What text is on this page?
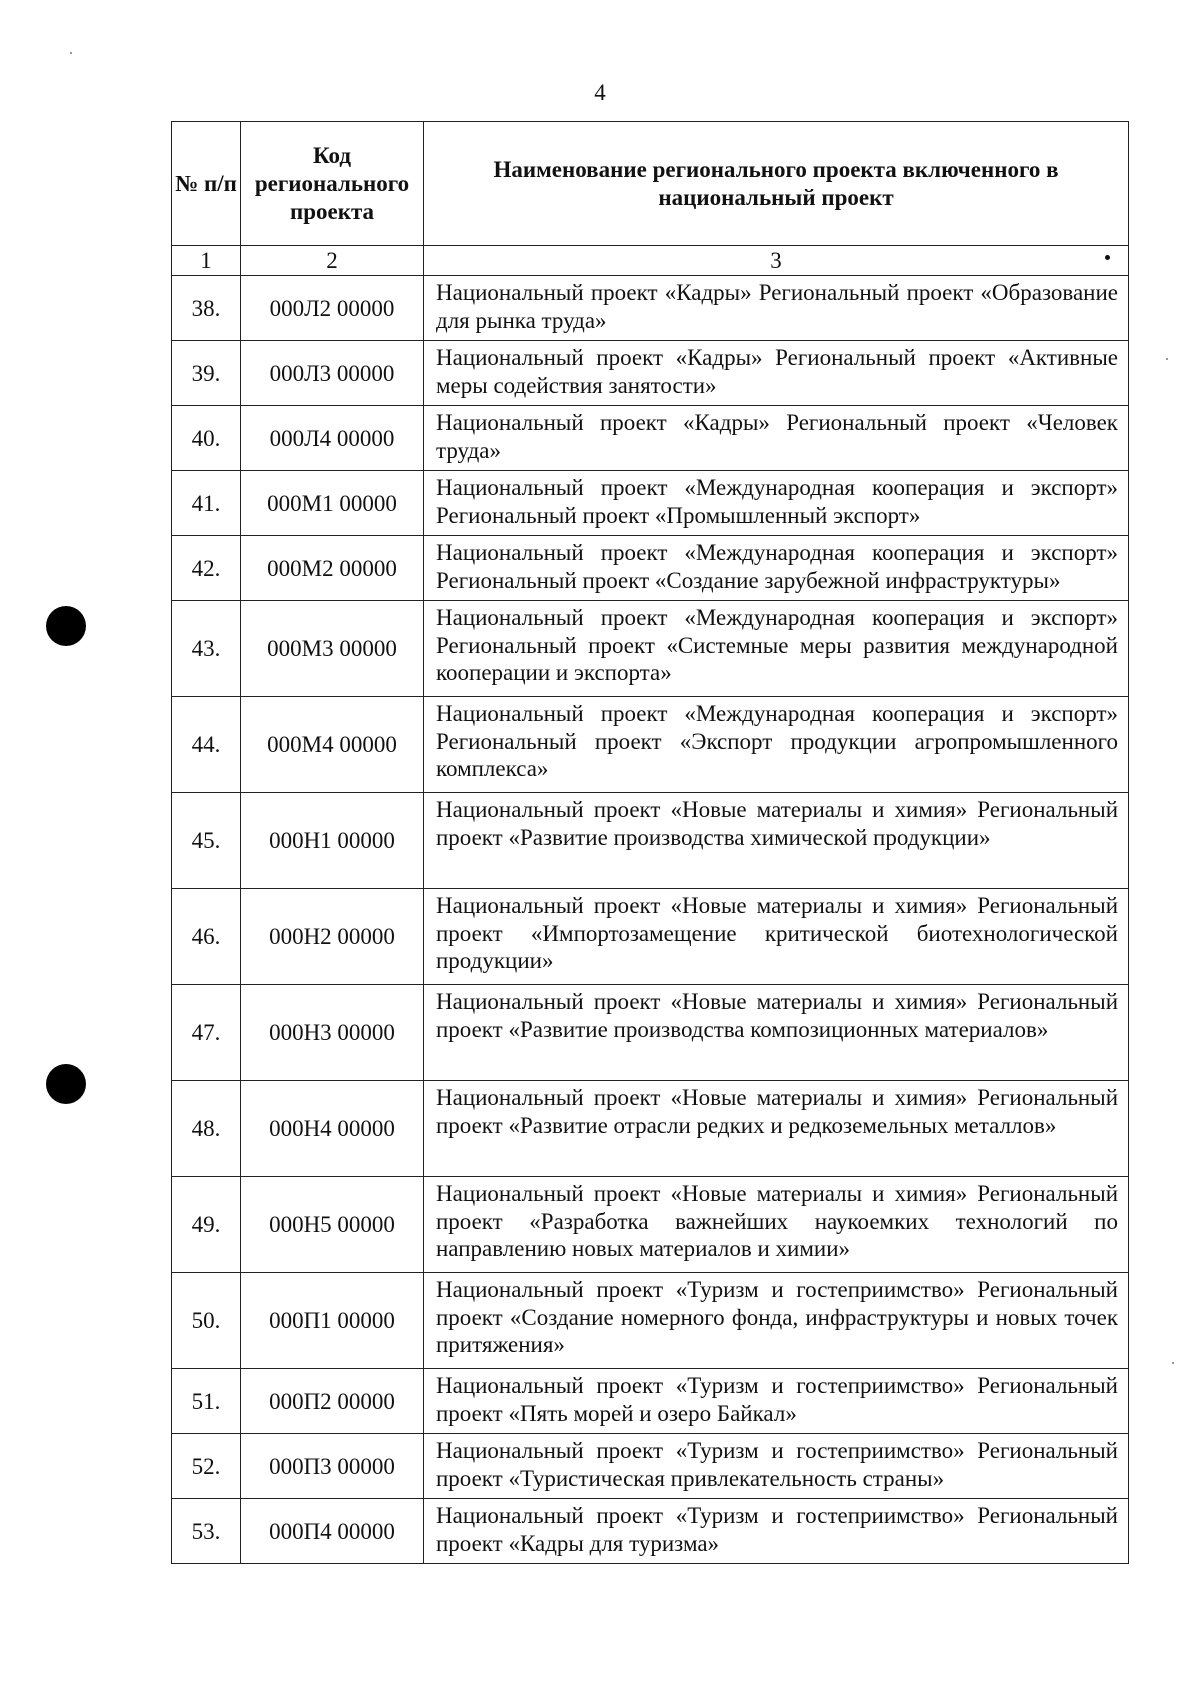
4
№ п/п	Код регионального проекта	Наименование регионального проекта включенного в национальный проект
1	2	3

38.	000Л2 00000	Национальный проект «Кадры» Региональный проект «Образование для рынка труда»
39.	000Л3 00000	Национальный проект «Кадры» Региональный проект «Активные меры содействия занятости»
40.	000Л4 00000	Национальный проект «Кадры» Региональный проект «Человек труда»
41.	000М1 00000	Национальный проект «Международная кооперация и экспорт» Региональный проект «Промышленный экспорт»
42.	000М2 00000	Национальный проект «Международная кооперация и экспорт» Региональный проект «Создание зарубежной инфраструктуры»
43.	000М3 00000	Национальный проект «Международная кооперация и экспорт» Региональный проект «Системные меры развития международной кооперации и экспорта»
44.	000М4 00000	Национальный проект «Международная кооперация и экспорт» Региональный проект «Экспорт продукции агропромышленного комплекса»
45.	000Н1 00000	Национальный проект «Новые материалы и химия» Региональный проект «Развитие производства химической продукции»
46.	000Н2 00000	Национальный проект «Новые материалы и химия» Региональный проект «Импортозамещение критической биотехнологической продукции»
47.	000Н3 00000	Национальный проект «Новые материалы и химия» Региональный проект «Развитие производства композиционных материалов»
48.	000Н4 00000	Национальный проект «Новые материалы и химия» Региональный проект «Развитие отрасли редких и редкоземельных металлов»
49.	000Н5 00000	Национальный проект «Новые материалы и химия» Региональный проект «Разработка важнейших наукоемких технологий по направлению новых материалов и химии»
50.	000П1 00000	Национальный проект «Туризм и гостеприимство» Региональный проект «Создание номерного фонда, инфраструктуры и новых точек притяжения»
51.	000П2 00000	Национальный проект «Туризм и гостеприимство» Региональный проект «Пять морей и озеро Байкал»
52.	000П3 00000	Национальный проект «Туризм и гостеприимство» Региональный проект «Туристическая привлекательность страны»
53.	000П4 00000	Национальный проект «Туризм и гостеприимство» Региональный проект «Кадры для туризма»
